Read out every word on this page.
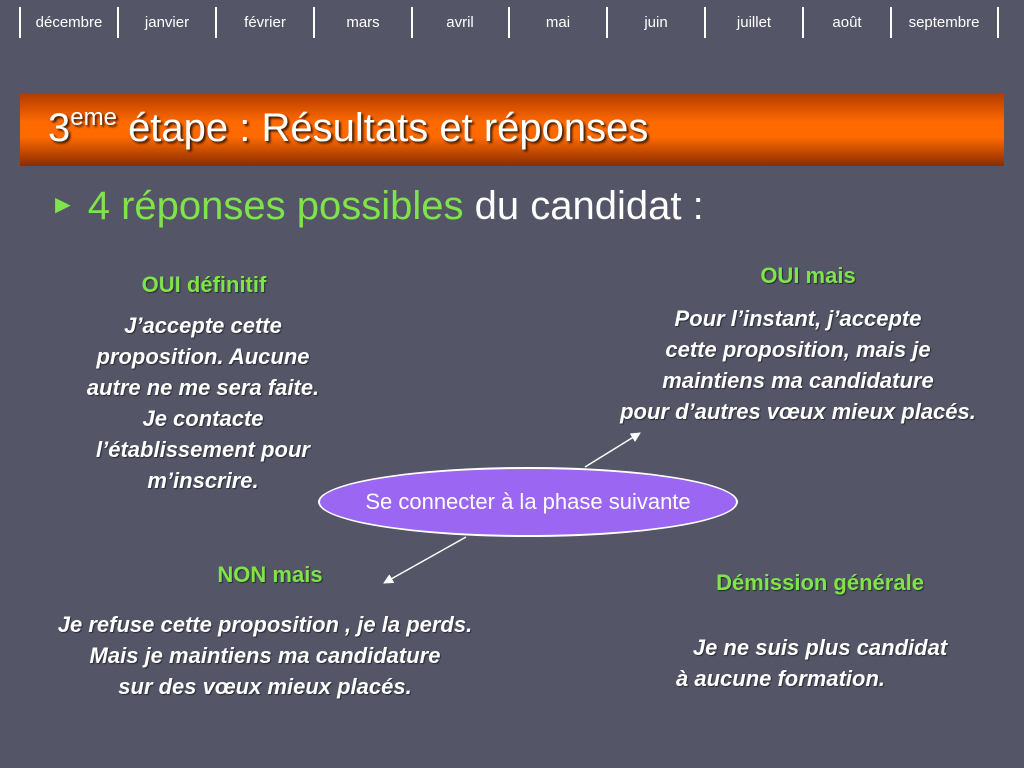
décembre	janvier	février	mars	avril	mai	juin	juillet	août	septembre
3eme étape : Résultats et réponses
► 4 réponses possibles du candidat :
Se connecter à la phase suivante
OUI définitif
J’accepte cette
proposition. Aucune
autre ne me sera faite.
Je contacte
l’établissement pour
m’inscrire.
OUI mais
Pour l’instant, j’accepte
cette proposition, mais je
maintiens ma candidature
pour d’autres vœux mieux placés.
NON mais
Je refuse cette proposition , je la perds.
Mais je maintiens ma candidature
sur des vœux mieux placés.
Démission générale
Je ne suis plus candidat
à aucune formation.
